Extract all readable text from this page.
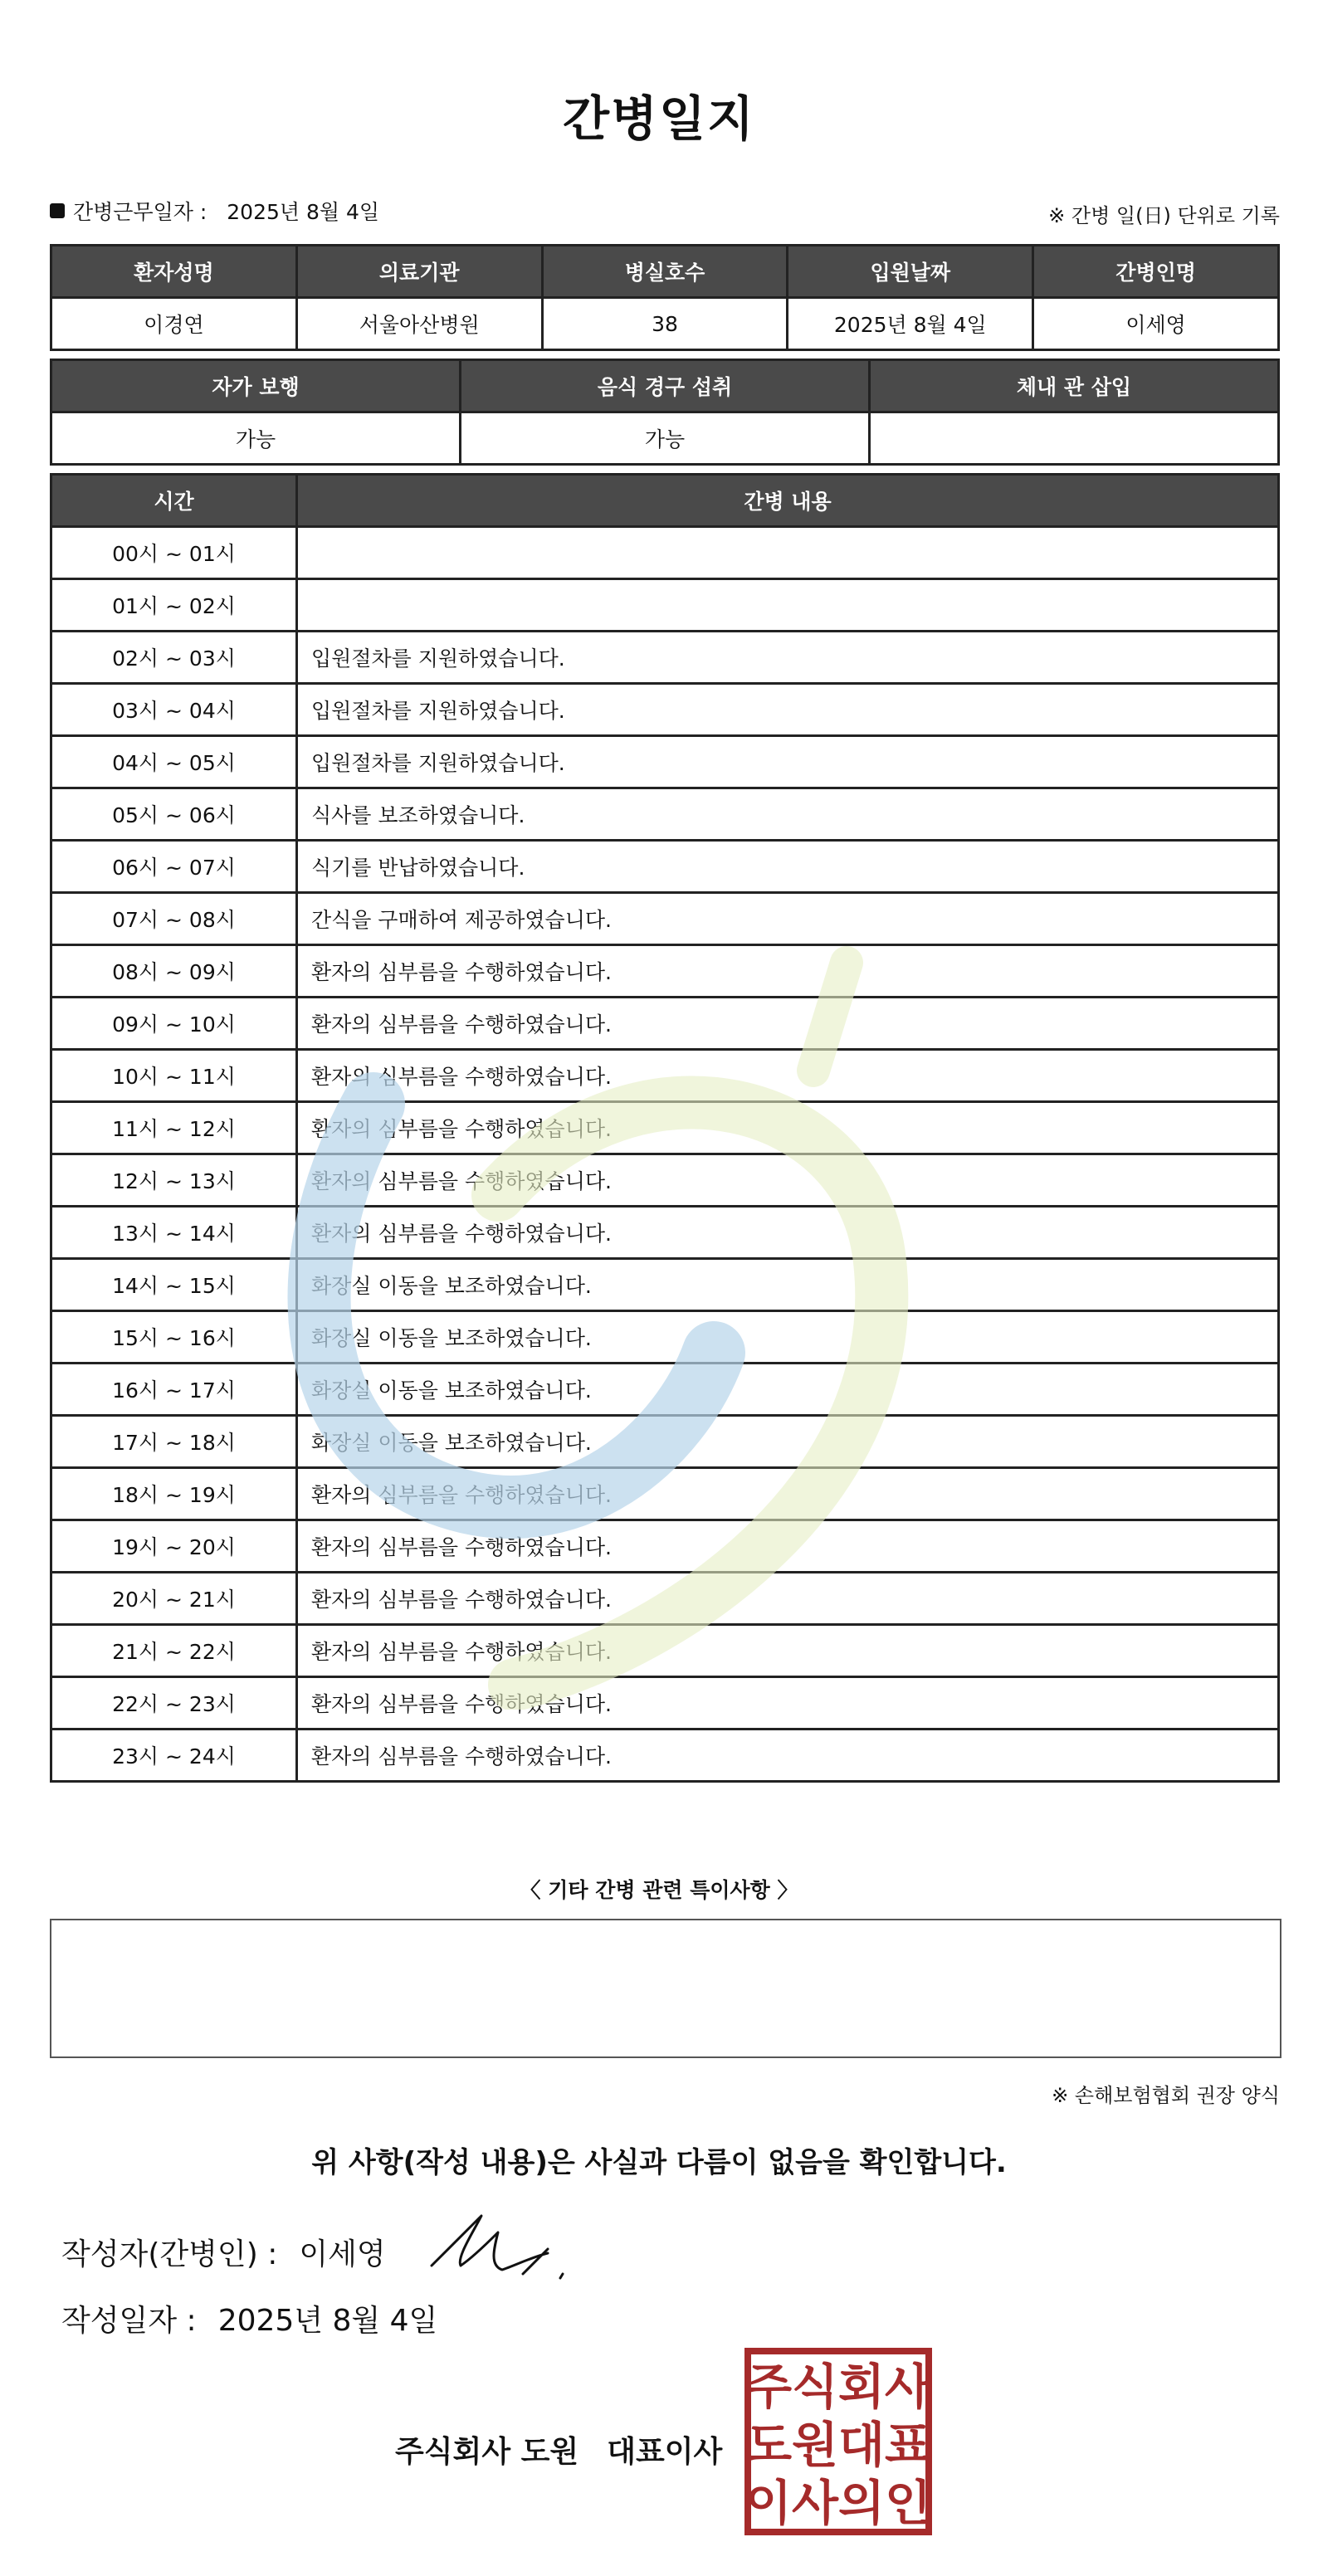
간병일지
간병근무일자 : 2025년 8월 4일	※ 간병 일(日) 단위로 기록
환자성명	의료기관	병실호수	입원날짜	간병인명
이경연	서울아산병원	38	2025년 8월 4일	이세영
자가 보행	음식 경구 섭취	체내 관 삽입
가능	가능	
시간	간병 내용
00시 ~ 01시	
01시 ~ 02시	
02시 ~ 03시	입원절차를 지원하였습니다.
03시 ~ 04시	입원절차를 지원하였습니다.
04시 ~ 05시	입원절차를 지원하였습니다.
05시 ~ 06시	식사를 보조하였습니다.
06시 ~ 07시	식기를 반납하였습니다.
07시 ~ 08시	간식을 구매하여 제공하였습니다.
08시 ~ 09시	환자의 심부름을 수행하였습니다.
09시 ~ 10시	환자의 심부름을 수행하였습니다.
10시 ~ 11시	환자의 심부름을 수행하였습니다.
11시 ~ 12시	환자의 심부름을 수행하였습니다.
12시 ~ 13시	환자의 심부름을 수행하였습니다.
13시 ~ 14시	환자의 심부름을 수행하였습니다.
14시 ~ 15시	화장실 이동을 보조하였습니다.
15시 ~ 16시	화장실 이동을 보조하였습니다.
16시 ~ 17시	화장실 이동을 보조하였습니다.
17시 ~ 18시	화장실 이동을 보조하였습니다.
18시 ~ 19시	환자의 심부름을 수행하였습니다.
19시 ~ 20시	환자의 심부름을 수행하였습니다.
20시 ~ 21시	환자의 심부름을 수행하였습니다.
21시 ~ 22시	환자의 심부름을 수행하였습니다.
22시 ~ 23시	환자의 심부름을 수행하였습니다.
23시 ~ 24시	환자의 심부름을 수행하였습니다.
〈 기타 간병 관련 특이사항 〉
※ 손해보험협회 권장 양식
위 사항(작성 내용)은 사실과 다름이 없음을 확인합니다.
작성자(간병인) : 이세영
작성일자 : 2025년 8월 4일
주식회사 도원 대표이사
주 식 회 사
도 원 대 표
이 사 의 인
